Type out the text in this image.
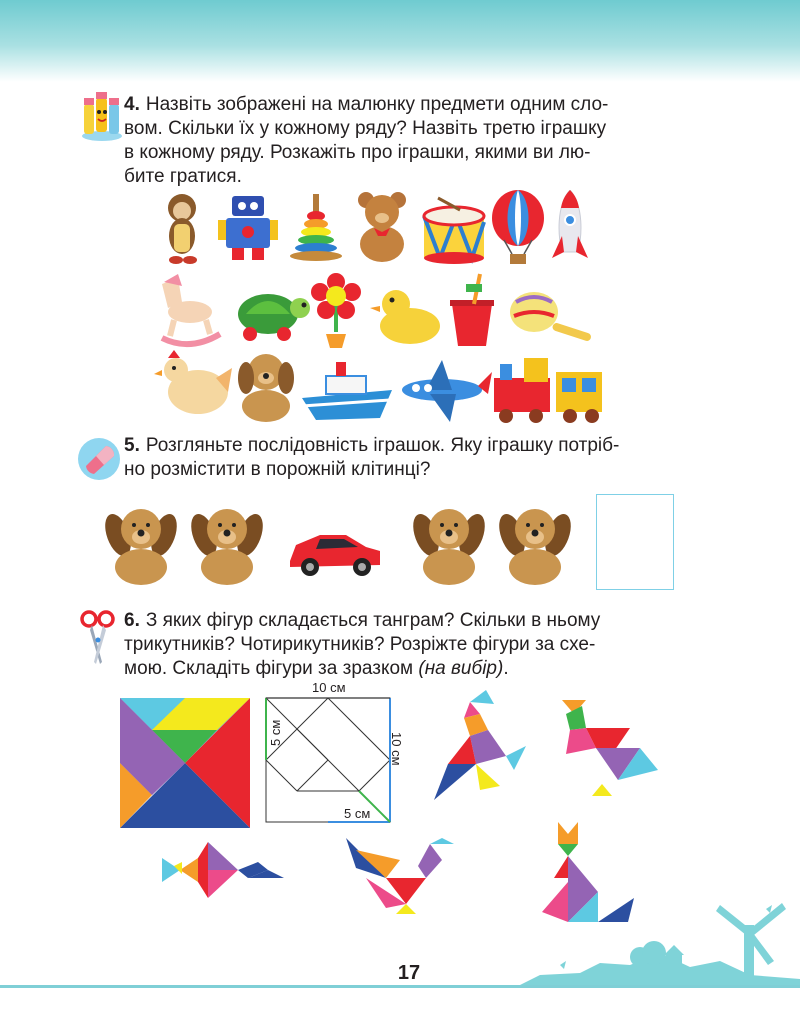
4. Назвіть зображені на малюнку предмети одним сло-
вом. Скільки їх у кожному ряду? Назвіть третю іграшку
в кожному ряду. Розкажіть про іграшки, якими ви лю-
бите гратися.
5. Розгляньте послідовність іграшок. Яку іграшку потріб-
но розмістити в порожній клітинці?
6. З яких фігур складається танграм? Скільки в ньому
трикутників? Чотирикутників? Розріжте фігури за схе-
мою. Складіть фігури за зразком (на вибір).
10 см
5 см	10 см
5 см
17
